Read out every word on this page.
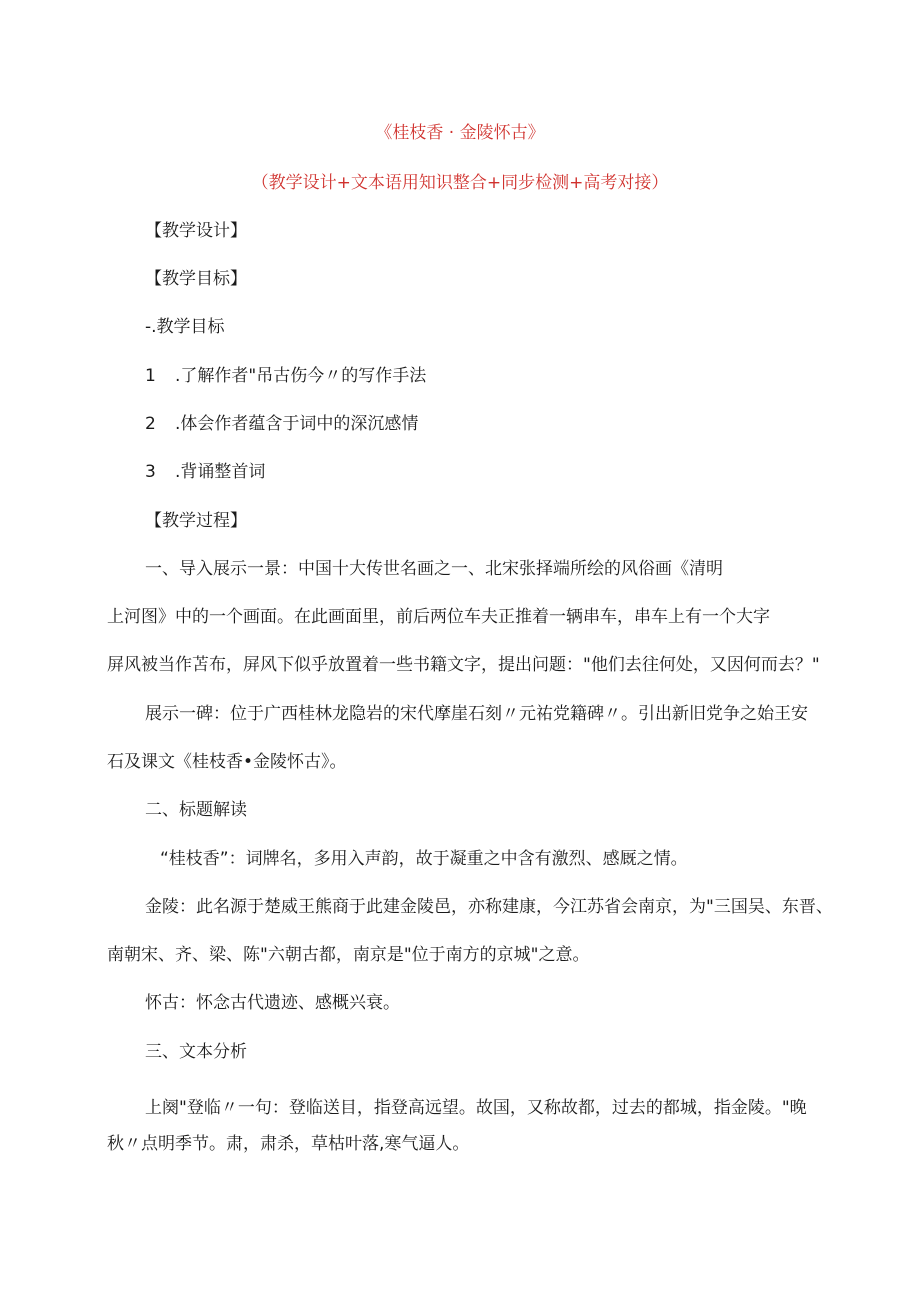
《桂枝香 · 金陵怀古》
（教学设计+文本语用知识整合+同步检测+高考对接）
【教学设计】
【教学目标】
-.教学目标
1 .了解作者"吊古伤今〃的写作手法
2 .体会作者蕴含于词中的深沉感情
3 .背诵整首词
【教学过程】
一、导入展示一景：中国十大传世名画之一、北宋张择端所绘的风俗画《清明
上河图》中的一个画面。在此画面里，前后两位车夫正推着一辆串车，串车上有一个大字
屏风被当作苫布，屏风下似乎放置着一些书籍文字，提出问题："他们去往何处，又因何而去？"
展示一碑：位于广西桂林龙隐岩的宋代摩崖石刻〃元祐党籍碑〃。引出新旧党争之始王安
石及课文《桂枝香•金陵怀古》。
二、标题解读
“桂枝香”：词牌名，多用入声韵，故于凝重之中含有激烈、感厩之情。
金陵：此名源于楚威王熊商于此建金陵邑，亦称建康，今江苏省会南京，为"三国吴、东晋、
南朝宋、齐、梁、陈"六朝古都，南京是"位于南方的京城"之意。
怀古：怀念古代遗迹、感概兴衰。
三、文本分析
上阕"登临〃一句：登临送目，指登高远望。故国，又称故都，过去的都城，指金陵。"晚
秋〃点明季节。肃，肃杀，草枯叶落,寒气逼人。
